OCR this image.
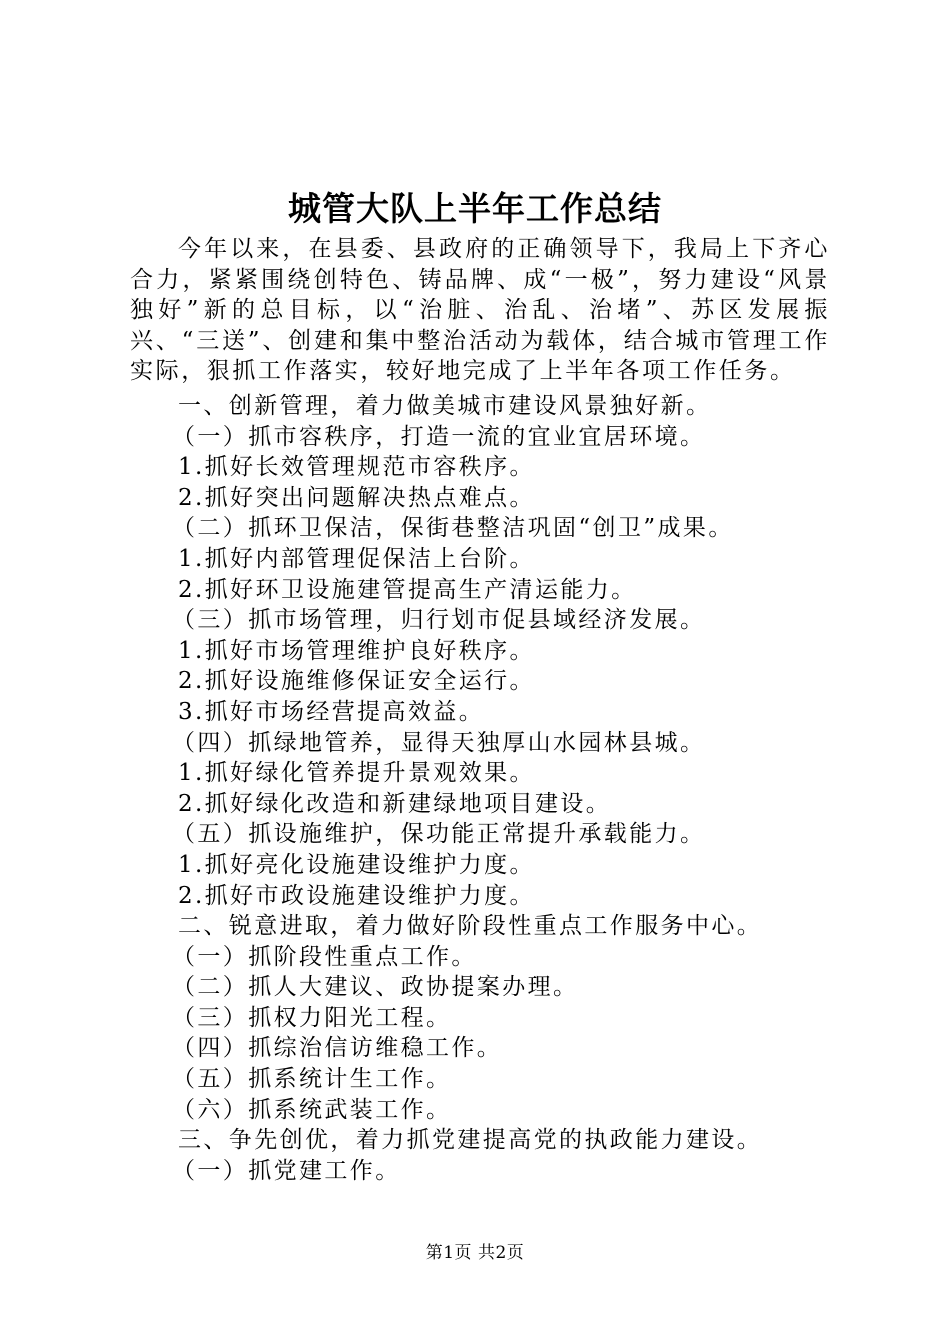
城管大队上半年工作总结

今年以来，在县委、县政府的正确领导下，我局上下齐心合力，紧紧围绕创特色、铸品牌、成“一极”，努力建设“风景独好”新的总目标，以“治脏、治乱、治堵”、苏区发展振兴、“三送”、创建和集中整治活动为载体，结合城市管理工作实际，狠抓工作落实，较好地完成了上半年各项工作任务。

一、创新管理，着力做美城市建设风景独好新。
（一）抓市容秩序，打造一流的宜业宜居环境。
1.抓好长效管理规范市容秩序。
2.抓好突出问题解决热点难点。
（二）抓环卫保洁，保街巷整洁巩固“创卫”成果。
1.抓好内部管理促保洁上台阶。
2.抓好环卫设施建管提高生产清运能力。
（三）抓市场管理，归行划市促县域经济发展。
1.抓好市场管理维护良好秩序。
2.抓好设施维修保证安全运行。
3.抓好市场经营提高效益。
（四）抓绿地管养，显得天独厚山水园林县城。
1.抓好绿化管养提升景观效果。
2.抓好绿化改造和新建绿地项目建设。
（五）抓设施维护，保功能正常提升承载能力。
1.抓好亮化设施建设维护力度。
2.抓好市政设施建设维护力度。
二、锐意进取，着力做好阶段性重点工作服务中心。
（一）抓阶段性重点工作。
（二）抓人大建议、政协提案办理。
（三）抓权力阳光工程。
（四）抓综治信访维稳工作。
（五）抓系统计生工作。
（六）抓系统武装工作。
三、争先创优，着力抓党建提高党的执政能力建设。
（一）抓党建工作。
第1页 共2页
